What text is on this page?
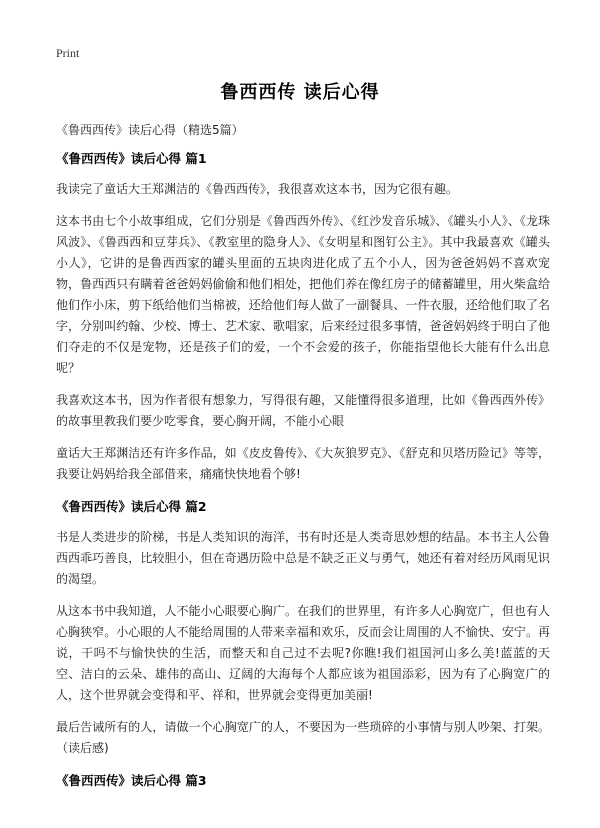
Print
鲁西西传 读后心得
《鲁西西传》读后心得（精选5篇）
《鲁西西传》读后心得 篇1

我读完了童话大王郑渊洁的《鲁西西传》，我很喜欢这本书，因为它很有趣。

这本书由七个小故事组成，它们分别是《鲁西西外传》、《红沙发音乐城》、《罐头小人》、《龙珠风波》、《鲁西西和豆芽兵》、《教室里的隐身人》、《女明星和图钉公主》。其中我最喜欢《罐头小人》，它讲的是鲁西西家的罐头里面的五块肉进化成了五个小人，因为爸爸妈妈不喜欢宠物，鲁西西只有瞒着爸爸妈妈偷偷和他们相处，把他们养在像红房子的储蓄罐里，用火柴盒给他们作小床，剪下纸给他们当棉被，还给他们每人做了一副餐具、一件衣服，还给他们取了名字，分别叫约翰、少校、博士、艺术家、歌唱家，后来经过很多事情，爸爸妈妈终于明白了他们夺走的不仅是宠物，还是孩子们的爱，一个不会爱的孩子，你能指望他长大能有什么出息呢？

我喜欢这本书，因为作者很有想象力，写得很有趣，又能懂得很多道理，比如《鲁西西外传》的故事里教我们要少吃零食，要心胸开阔，不能小心眼

童话大王郑渊洁还有许多作品，如《皮皮鲁传》、《大灰狼罗克》、《舒克和贝塔历险记》等等，我要让妈妈给我全部借来，痛痛快快地看个够!

《鲁西西传》读后心得 篇2

书是人类进步的阶梯，书是人类知识的海洋，书有时还是人类奇思妙想的结晶。本书主人公鲁西西乖巧善良，比较胆小，但在奇遇历险中总是不缺乏正义与勇气，她还有着对经历风雨见识的渴望。

从这本书中我知道，人不能小心眼要心胸广。在我们的世界里，有许多人心胸宽广，但也有人心胸狭窄。小心眼的人不能给周围的人带来幸福和欢乐，反而会让周围的人不愉快、安宁。再说，干吗不与愉快快的生活，而整天和自己过不去呢?你瞧!我们祖国河山多么美!蓝蓝的天空、洁白的云朵、雄伟的高山、辽阔的大海每个人都应该为祖国添彩，因为有了心胸宽广的人，这个世界就会变得和平、祥和，世界就会变得更加美丽!

最后告诫所有的人，请做一个心胸宽广的人，不要因为一些琐碎的小事情与别人吵架、打架。（读后感)

《鲁西西传》读后心得 篇3
